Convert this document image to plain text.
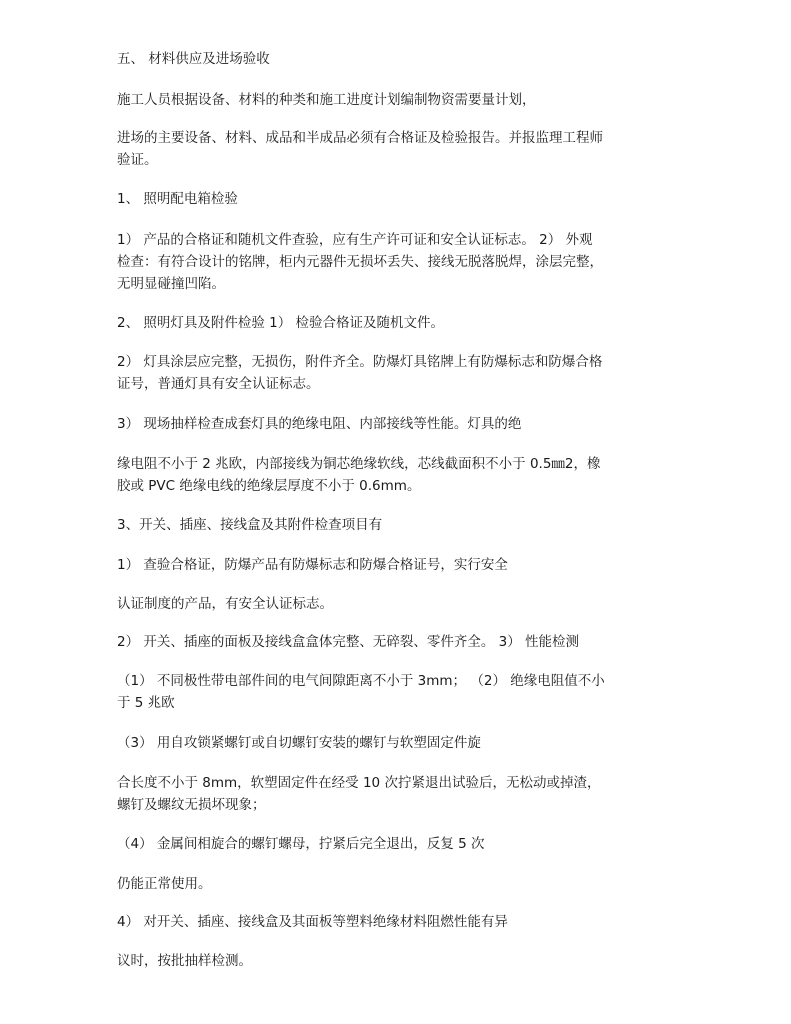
五、 材料供应及进场验收

施工人员根据设备、材料的种类和施工进度计划编制物资需要量计划，

进场的主要设备、材料、成品和半成品必须有合格证及检验报告。并报监理工程师
验证。

1、 照明配电箱检验

1） 产品的合格证和随机文件查验，应有生产许可证和安全认证标志。 2） 外观
检查：有符合设计的铭牌，柜内元器件无损坏丢失、接线无脱落脱焊，涂层完整，
无明显碰撞凹陷。

2、 照明灯具及附件检验 1） 检验合格证及随机文件。

2） 灯具涂层应完整，无损伤，附件齐全。防爆灯具铭牌上有防爆标志和防爆合格
证号，普通灯具有安全认证标志。

3） 现场抽样检查成套灯具的绝缘电阻、内部接线等性能。灯具的绝

缘电阻不小于 2 兆欧，内部接线为铜芯绝缘软线，芯线截面积不小于 0.5㎜2，橡
胶或 PVC 绝缘电线的绝缘层厚度不小于 0.6mm。

3、开关、插座、接线盒及其附件检查项目有

1） 查验合格证，防爆产品有防爆标志和防爆合格证号，实行安全

认证制度的产品，有安全认证标志。

2） 开关、插座的面板及接线盒盒体完整、无碎裂、零件齐全。 3） 性能检测

（1） 不同极性带电部件间的电气间隙距离不小于 3mm； （2） 绝缘电阻值不小
于 5 兆欧

（3） 用自攻锁紧螺钉或自切螺钉安装的螺钉与软塑固定件旋

合长度不小于 8mm，软塑固定件在经受 10 次拧紧退出试验后，无松动或掉渣，
螺钉及螺纹无损坏现象；

（4） 金属间相旋合的螺钉螺母，拧紧后完全退出，反复 5 次

仍能正常使用。

4） 对开关、插座、接线盒及其面板等塑料绝缘材料阻燃性能有异

议时，按批抽样检测。
